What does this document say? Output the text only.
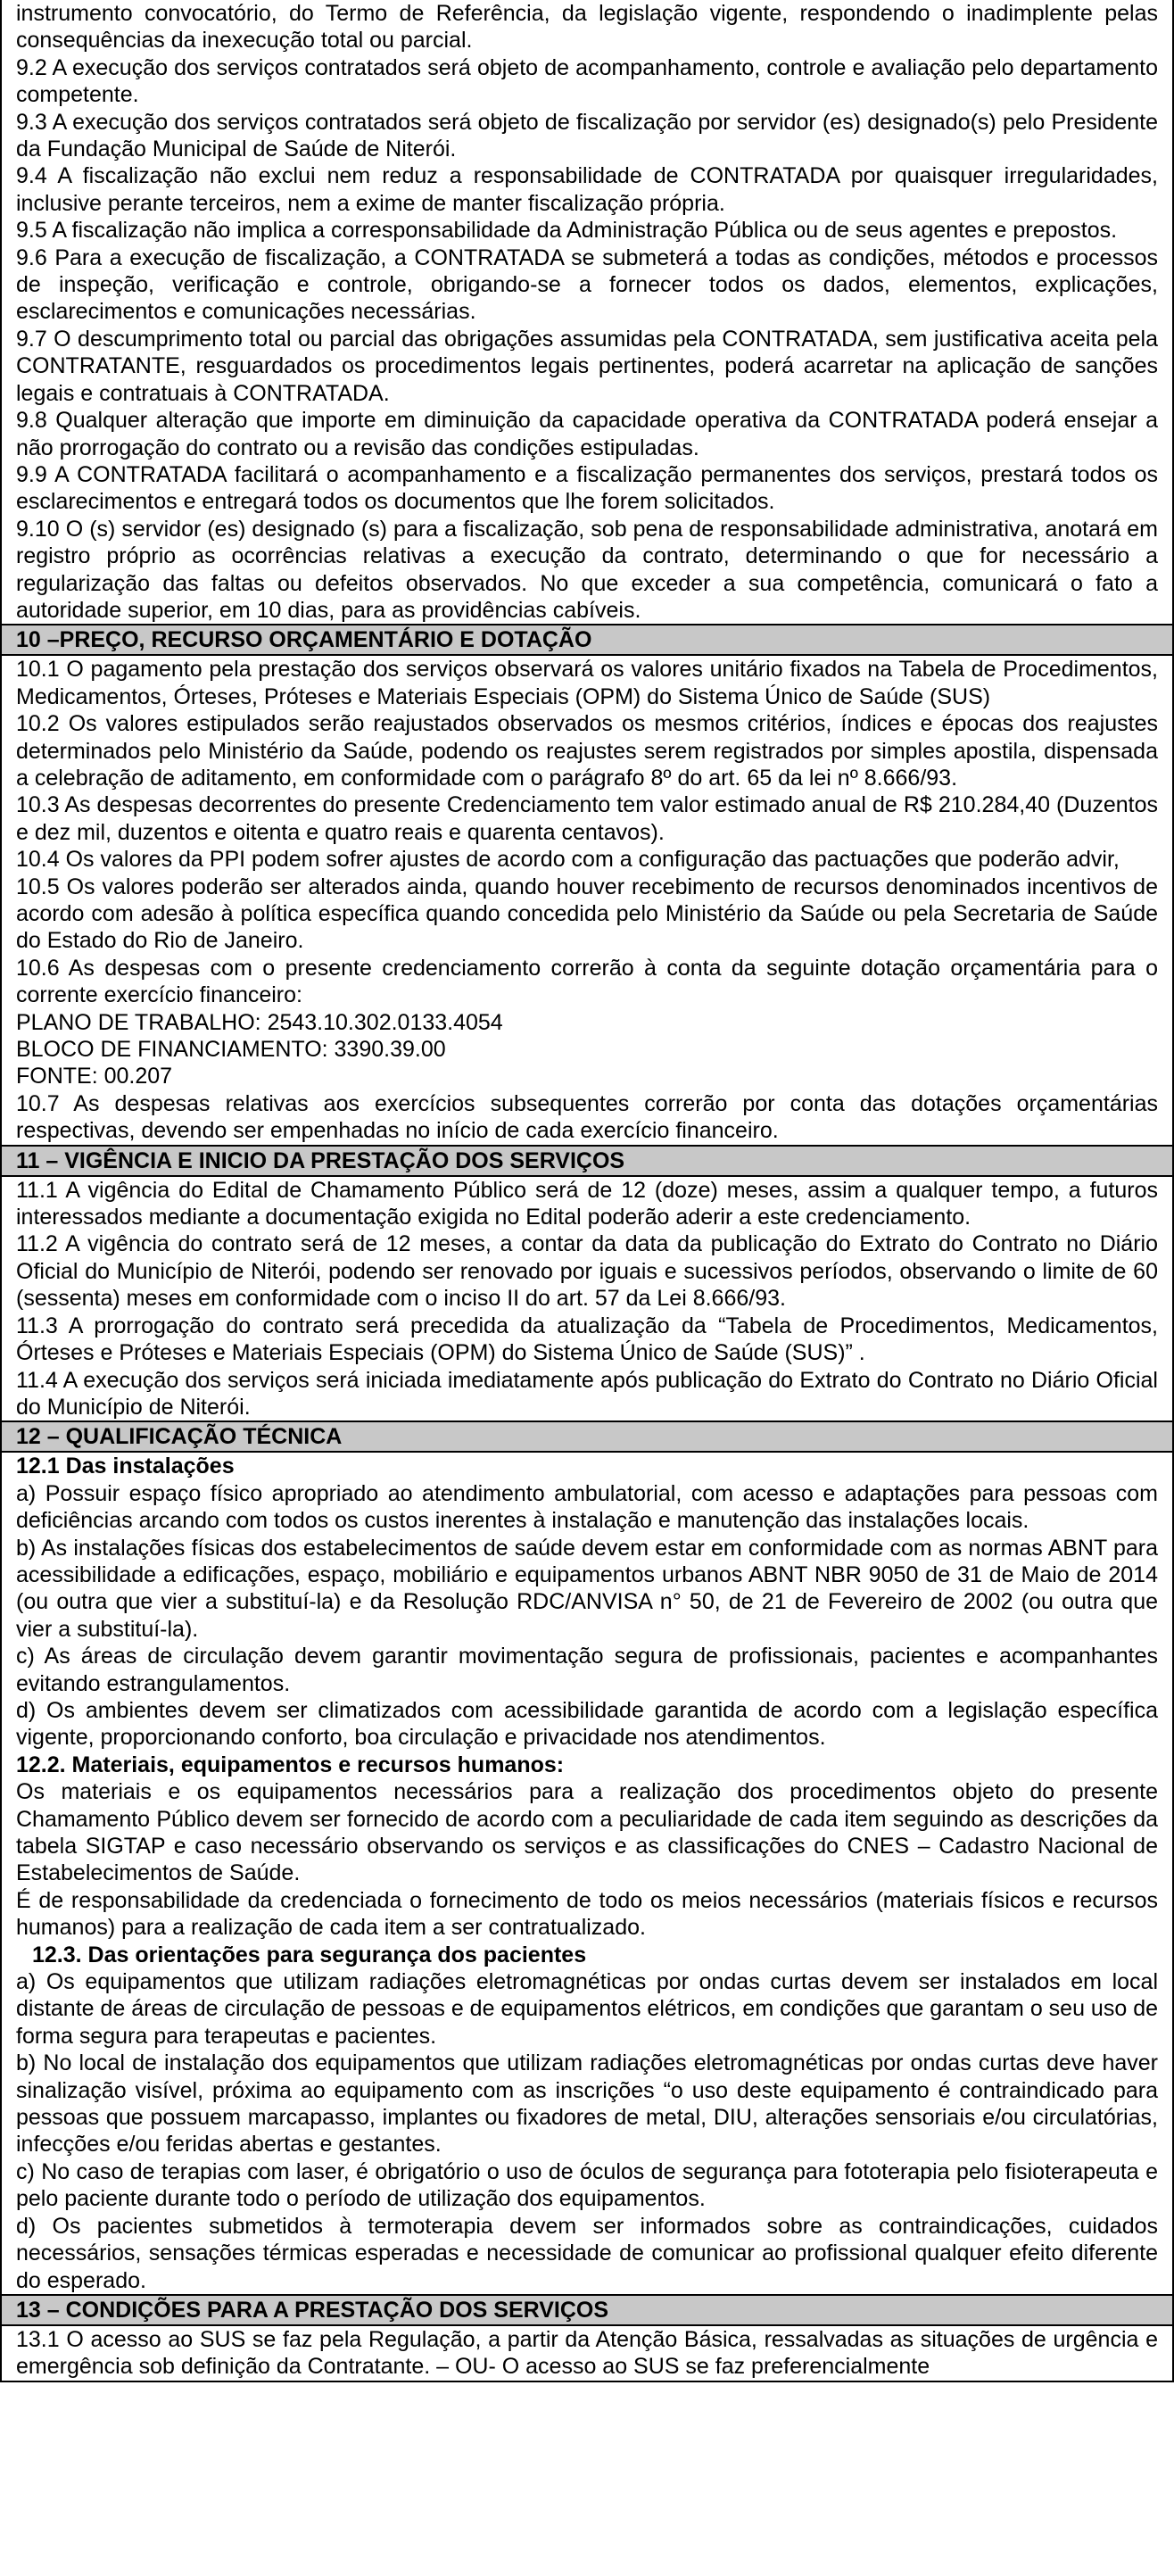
instrumento convocatório, do Termo de Referência, da legislação vigente, respondendo o inadimplente pelas consequências da inexecução total ou parcial.

9.2 A execução dos serviços contratados será objeto de acompanhamento, controle e avaliação pelo departamento competente.

9.3 A execução dos serviços contratados será objeto de fiscalização por servidor (es) designado(s) pelo Presidente da Fundação Municipal de Saúde de Niterói.

9.4 A fiscalização não exclui nem reduz a responsabilidade de CONTRATADA por quaisquer irregularidades, inclusive perante terceiros, nem a exime de manter fiscalização própria.

9.5 A fiscalização não implica a corresponsabilidade da Administração Pública ou de seus agentes e prepostos.

9.6 Para a execução de fiscalização, a CONTRATADA se submeterá a todas as condições, métodos e processos de inspeção, verificação e controle, obrigando-se a fornecer todos os dados, elementos, explicações, esclarecimentos e comunicações necessárias.

9.7 O descumprimento total ou parcial das obrigações assumidas pela CONTRATADA, sem justificativa aceita pela CONTRATANTE, resguardados os procedimentos legais pertinentes, poderá acarretar na aplicação de sanções legais e contratuais à CONTRATADA.

9.8 Qualquer alteração que importe em diminuição da capacidade operativa da CONTRATADA poderá ensejar a não prorrogação do contrato ou a revisão das condições estipuladas.

9.9 A CONTRATADA facilitará o acompanhamento e a fiscalização permanentes dos serviços, prestará todos os esclarecimentos e entregará todos os documentos que lhe forem solicitados.

9.10 O (s) servidor (es) designado (s) para a fiscalização, sob pena de responsabilidade administrativa, anotará em registro próprio as ocorrências relativas a execução da contrato, determinando o que for necessário a regularização das faltas ou defeitos observados. No que exceder a sua competência, comunicará o fato a autoridade superior, em 10 dias, para as providências cabíveis.

10 –PREÇO, RECURSO ORÇAMENTÁRIO E DOTAÇÃO

10.1 O pagamento pela prestação dos serviços observará os valores unitário fixados na Tabela de Procedimentos, Medicamentos, Órteses, Próteses e Materiais Especiais (OPM) do Sistema Único de Saúde (SUS)

10.2 Os valores estipulados serão reajustados observados os mesmos critérios, índices e épocas dos reajustes determinados pelo Ministério da Saúde, podendo os reajustes serem registrados por simples apostila, dispensada a celebração de aditamento, em conformidade com o parágrafo 8º do art. 65 da lei nº 8.666/93.

10.3 As despesas decorrentes do presente Credenciamento tem valor estimado anual de R$ 210.284,40 (Duzentos e dez mil, duzentos e oitenta e quatro reais e quarenta centavos).

10.4 Os valores da PPI podem sofrer ajustes de acordo com a configuração das pactuações que poderão advir,

10.5 Os valores poderão ser alterados ainda, quando houver recebimento de recursos denominados incentivos de acordo com adesão à política específica quando concedida pelo Ministério da Saúde ou pela Secretaria de Saúde do Estado do Rio de Janeiro.

10.6 As despesas com o presente credenciamento correrão à conta da seguinte dotação orçamentária para o corrente exercício financeiro:

PLANO DE TRABALHO: 2543.10.302.0133.4054

BLOCO DE FINANCIAMENTO: 3390.39.00

FONTE: 00.207

10.7 As despesas relativas aos exercícios subsequentes correrão por conta das dotações orçamentárias respectivas, devendo ser empenhadas no início de cada exercício financeiro.

11 – VIGÊNCIA E INICIO DA PRESTAÇÃO DOS SERVIÇOS

11.1 A vigência do Edital de Chamamento Público será de 12 (doze) meses, assim a qualquer tempo, a futuros interessados mediante a documentação exigida no Edital poderão aderir a este credenciamento.

11.2 A vigência do contrato será de 12 meses, a contar da data da publicação do Extrato do Contrato no Diário Oficial do Município de Niterói, podendo ser renovado por iguais e sucessivos períodos, observando o limite de 60 (sessenta) meses em conformidade com o inciso II do art. 57 da Lei 8.666/93.

11.3 A prorrogação do contrato será precedida da atualização da “Tabela de Procedimentos, Medicamentos, Órteses e Próteses e Materiais Especiais (OPM) do Sistema Único de Saúde (SUS)” .

11.4 A execução dos serviços será iniciada imediatamente após publicação do Extrato do Contrato no Diário Oficial do Município de Niterói.

12 – QUALIFICAÇÃO TÉCNICA

12.1 Das instalações

a) Possuir espaço físico apropriado ao atendimento ambulatorial, com acesso e adaptações para pessoas com deficiências arcando com todos os custos inerentes à instalação e manutenção das instalações locais.

b) As instalações físicas dos estabelecimentos de saúde devem estar em conformidade com as normas ABNT para acessibilidade a edificações, espaço, mobiliário e equipamentos urbanos ABNT NBR 9050 de 31 de Maio de 2014 (ou outra que vier a substituí-la) e da Resolução RDC/ANVISA n° 50, de 21 de Fevereiro de 2002 (ou outra que vier a substituí-la).

c) As áreas de circulação devem garantir movimentação segura de profissionais, pacientes e acompanhantes evitando estrangulamentos.

d) Os ambientes devem ser climatizados com acessibilidade garantida de acordo com a legislação específica vigente, proporcionando conforto, boa circulação e privacidade nos atendimentos.

12.2. Materiais, equipamentos e recursos humanos:

Os materiais e os equipamentos necessários para a realização dos procedimentos objeto do presente Chamamento Público devem ser fornecido de acordo com a peculiaridade de cada item seguindo as descrições da tabela SIGTAP e caso necessário observando os serviços e as classificações do CNES – Cadastro Nacional de Estabelecimentos de Saúde.

É de responsabilidade da credenciada o fornecimento de todo os meios necessários (materiais físicos e recursos humanos) para a realização de cada item a ser contratualizado.

12.3. Das orientações para segurança dos pacientes

a) Os equipamentos que utilizam radiações eletromagnéticas por ondas curtas devem ser instalados em local distante de áreas de circulação de pessoas e de equipamentos elétricos, em condições que garantam o seu uso de forma segura para terapeutas e pacientes.

b) No local de instalação dos equipamentos que utilizam radiações eletromagnéticas por ondas curtas deve haver sinalização visível, próxima ao equipamento com as inscrições “o uso deste equipamento é contraindicado para pessoas que possuem marcapasso, implantes ou fixadores de metal, DIU, alterações sensoriais e/ou circulatórias, infecções e/ou feridas abertas e gestantes.

c) No caso de terapias com laser, é obrigatório o uso de óculos de segurança para fototerapia pelo fisioterapeuta e pelo paciente durante todo o período de utilização dos equipamentos.

d) Os pacientes submetidos à termoterapia devem ser informados sobre as contraindicações, cuidados necessários, sensações térmicas esperadas e necessidade de comunicar ao profissional qualquer efeito diferente do esperado.

13 – CONDIÇÕES PARA A PRESTAÇÃO DOS SERVIÇOS

13.1 O acesso ao SUS se faz pela Regulação, a partir da Atenção Básica, ressalvadas as situações de urgência e emergência sob definição da Contratante. – OU- O acesso ao SUS se faz preferencialmente
